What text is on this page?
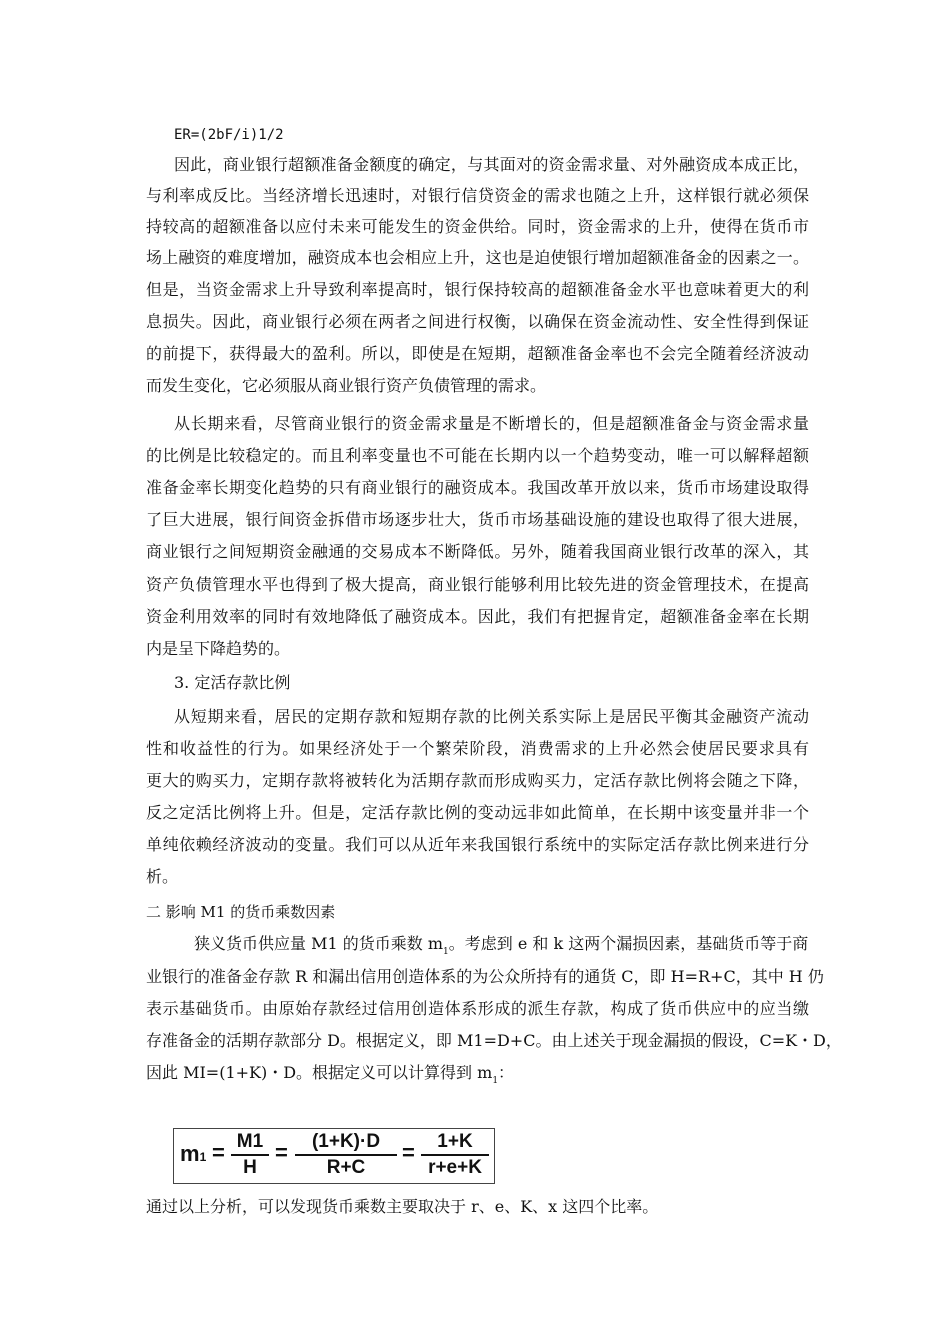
ER=(2bF/i)1/2
因此，商业银行超额准备金额度的确定，与其面对的资金需求量、对外融资成本成正比，
与利率成反比。当经济增长迅速时，对银行信贷资金的需求也随之上升，这样银行就必须保
持较高的超额准备以应付未来可能发生的资金供给。同时，资金需求的上升，使得在货币市
场上融资的难度增加，融资成本也会相应上升，这也是迫使银行增加超额准备金的因素之一。
但是，当资金需求上升导致利率提高时，银行保持较高的超额准备金水平也意味着更大的利
息损失。因此，商业银行必须在两者之间进行权衡，以确保在资金流动性、安全性得到保证
的前提下，获得最大的盈利。所以，即使是在短期，超额准备金率也不会完全随着经济波动
而发生变化，它必须服从商业银行资产负债管理的需求。
从长期来看，尽管商业银行的资金需求量是不断增长的，但是超额准备金与资金需求量
的比例是比较稳定的。而且利率变量也不可能在长期内以一个趋势变动，唯一可以解释超额
准备金率长期变化趋势的只有商业银行的融资成本。我国改革开放以来，货币市场建设取得
了巨大进展，银行间资金拆借市场逐步壮大，货币市场基础设施的建设也取得了很大进展，
商业银行之间短期资金融通的交易成本不断降低。另外，随着我国商业银行改革的深入，其
资产负债管理水平也得到了极大提高，商业银行能够利用比较先进的资金管理技术，在提高
资金利用效率的同时有效地降低了融资成本。因此，我们有把握肯定，超额准备金率在长期
内是呈下降趋势的。
3. 定活存款比例
从短期来看，居民的定期存款和短期存款的比例关系实际上是居民平衡其金融资产流动
性和收益性的行为。如果经济处于一个繁荣阶段，消费需求的上升必然会使居民要求具有
更大的购买力，定期存款将被转化为活期存款而形成购买力，定活存款比例将会随之下降，
反之定活比例将上升。但是，定活存款比例的变动远非如此简单，在长期中该变量并非一个
单纯依赖经济波动的变量。我们可以从近年来我国银行系统中的实际定活存款比例来进行分
析。
二 影响 M1 的货币乘数因素
狭义货币供应量 M1 的货币乘数 $m_1$。考虑到 e 和 k 这两个漏损因素，基础货币等于商
业银行的准备金存款 R 和漏出信用创造体系的为公众所持有的通货 C，即 H=R+C，其中 H 仍
表示基础货币。由原始存款经过信用创造体系形成的派生存款，构成了货币供应中的应当缴
存准备金的活期存款部分 D。根据定义，即 M1=D+C。由上述关于现金漏损的假设，C=K・D，
因此 MI=(1+K)・D。根据定义可以计算得到 $m_1$：
m1 = M1
H
=	(1+K)·D
R+C
=	1+K
r+e+K
通过以上分析，可以发现货币乘数主要取决于 r、e、K、x 这四个比率。
